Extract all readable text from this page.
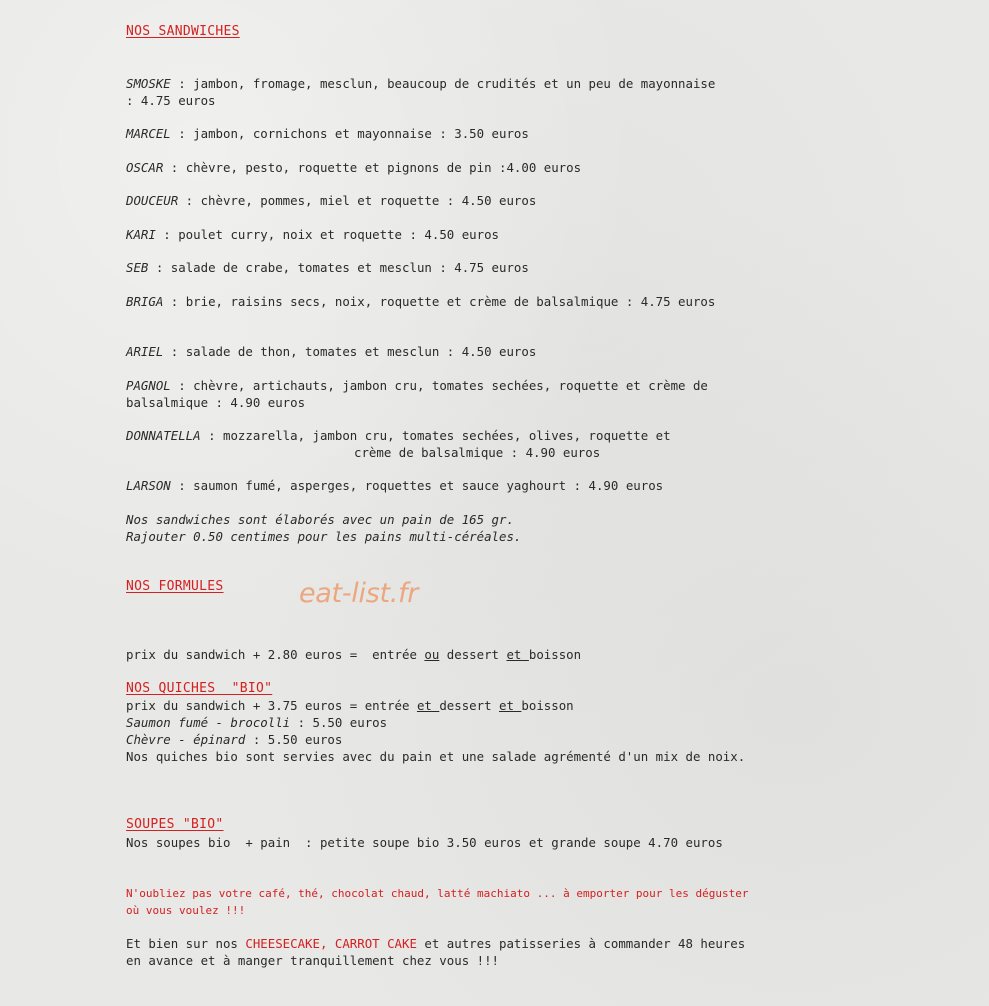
NOS SANDWICHES

SMOSKE : jambon, fromage, mesclun, beaucoup de crudités et un peu de mayonnaise : 4.75 euros

MARCEL : jambon, cornichons et mayonnaise : 3.50 euros

OSCAR : chèvre, pesto, roquette et pignons de pin :4.00 euros

DOUCEUR : chèvre, pommes, miel et roquette : 4.50 euros

KARI : poulet curry, noix et roquette : 4.50 euros

SEB : salade de crabe, tomates et mesclun : 4.75 euros

BRIGA : brie, raisins secs, noix, roquette et crème de balsalmique : 4.75 euros

ARIEL : salade de thon, tomates et mesclun : 4.50 euros

PAGNOL : chèvre, artichauts, jambon cru, tomates sechées, roquette et crème de balsalmique : 4.90 euros

DONNATELLA : mozzarella, jambon cru, tomates sechées, olives, roquette et
crème de balsalmique : 4.90 euros

LARSON : saumon fumé, asperges, roquettes et sauce yaghourt : 4.90 euros

Nos sandwiches sont élaborés avec un pain de 165 gr.
Rajouter 0.50 centimes pour les pains multi-céréales.
NOS FORMULES

prix du sandwich + 2.80 euros =  entrée ou dessert et boisson

prix du sandwich + 3.75 euros = entrée et dessert et boisson

NOS QUICHES  "BIO"
Saumon fumé - brocolli : 5.50 euros
Chèvre - épinard : 5.50 euros
Nos quiches bio sont servies avec du pain et une salade agrémenté d'un mix de noix.
SOUPES "BIO"
Nos soupes bio  + pain  : petite soupe bio 3.50 euros et grande soupe 4.70 euros
N'oubliez pas votre café, thé, chocolat chaud, latté machiato ... à emporter pour les déguster où vous voulez !!!
Et bien sur nos CHEESECAKE, CARROT CAKE et autres patisseries à commander 48 heures en avance et à manger tranquillement chez vous !!!
eat-list.fr
